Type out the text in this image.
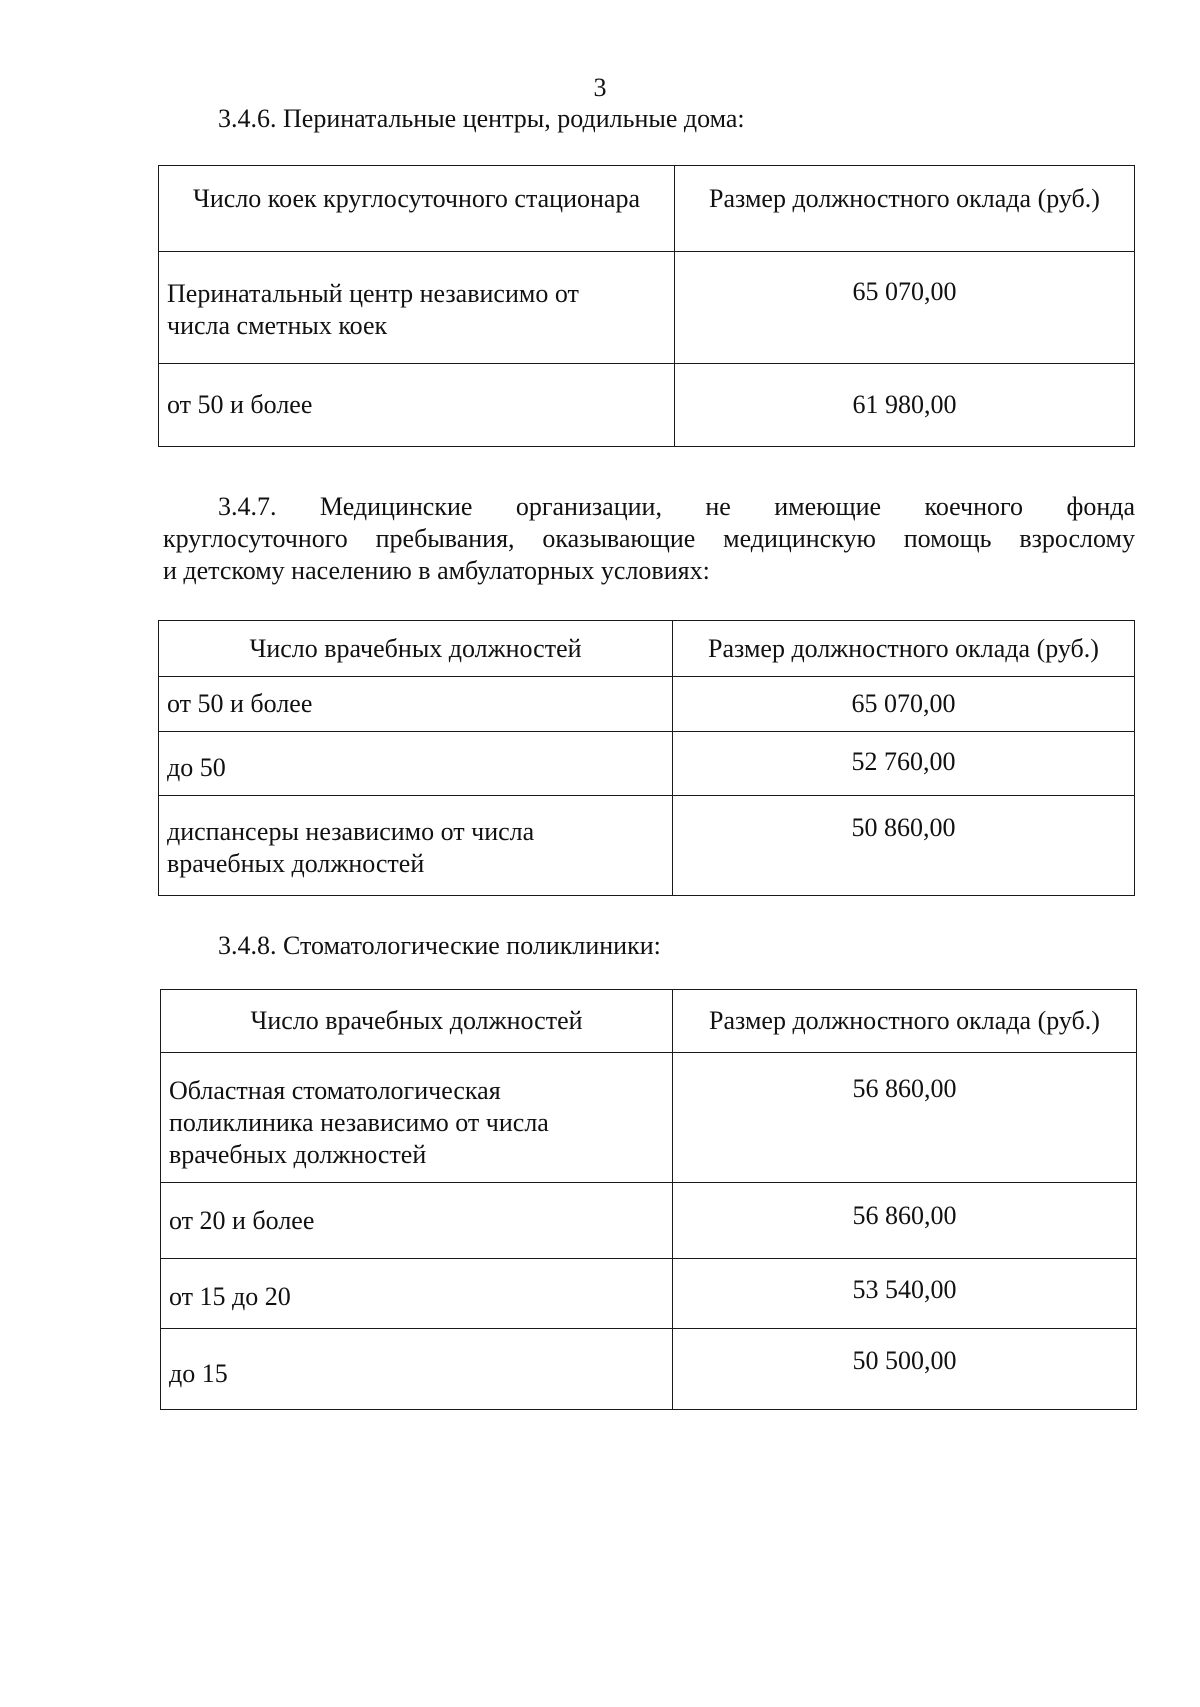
3
3.4.6. Перинатальные центры, родильные дома:
Число коек круглосуточного стационара	Размер должностного оклада (руб.)
Перинатальный центр независимо от
числа сметных коек	65 070,00
от 50 и более	61 980,00
3.4.7. Медицинские организации, не имеющие коечного фонда
круглосуточного пребывания, оказывающие медицинскую помощь взрослому
и детскому населению в амбулаторных условиях:
Число врачебных должностей	Размер должностного оклада (руб.)
от 50 и более	65 070,00
до 50	52 760,00
диспансеры независимо от числа
врачебных должностей	50 860,00
3.4.8. Стоматологические поликлиники:
Число врачебных должностей	Размер должностного оклада (руб.)
Областная стоматологическая
поликлиника независимо от числа
врачебных должностей	56 860,00
от 20 и более	56 860,00
от 15 до 20	53 540,00
до 15	50 500,00
